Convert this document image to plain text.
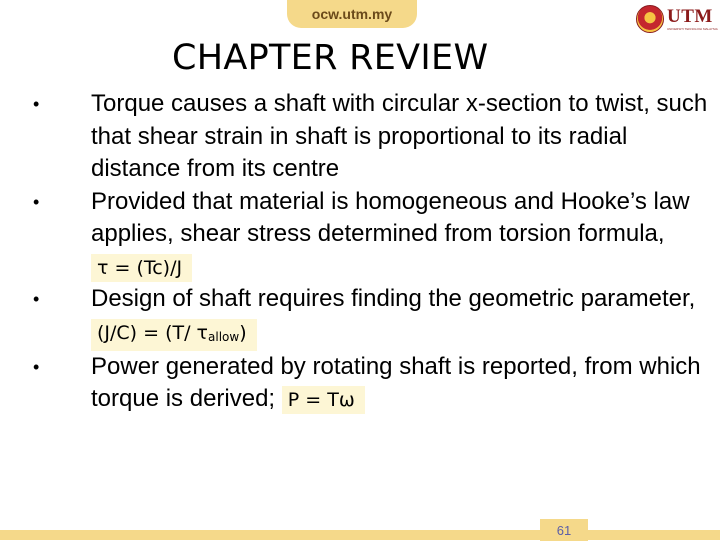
ocw.utm.my	UTM
UNIVERSITI TEKNOLOGI MALAYSIA
CHAPTER REVIEW
• Torque causes a shaft with circular x-section to twist, such that shear strain in shaft is proportional to its radial distance from its centre
• Provided that material is homogeneous and Hooke’s law applies, shear stress determined from torsion formula, τ = (Tc)/J
• Design of shaft requires finding the geometric parameter, (J/C) = (T/ $\tau_{allow}$)
• Power generated by rotating shaft is reported, from which torque is derived; P = Tω
61
